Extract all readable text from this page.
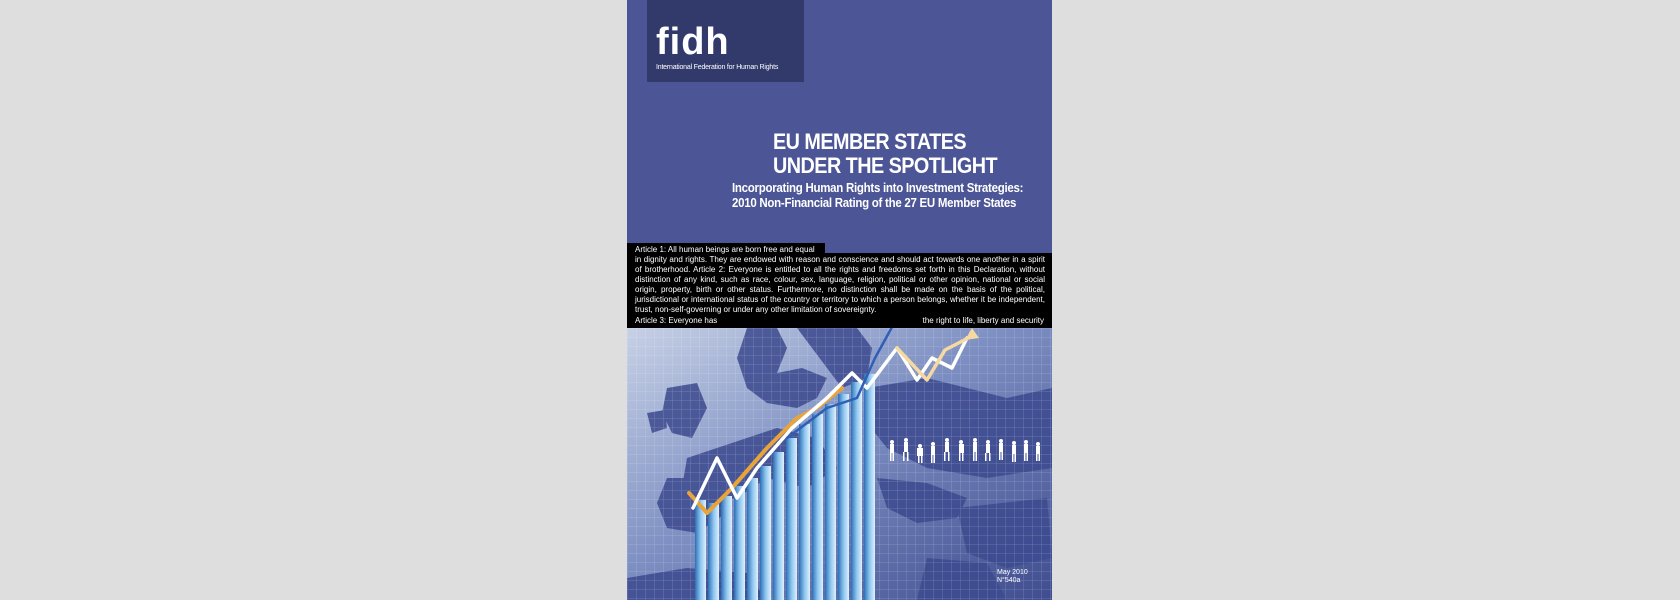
fidh
International Federation for Human Rights
EU MEMBER STATES
UNDER THE SPOTLIGHT
Incorporating Human Rights into Investment Strategies:
2010 Non-Financial Rating of the 27 EU Member States
Article 1: All human beings are born free and equal
in dignity and rights. They are endowed with reason and conscience and should act towards one another in a spirit of brotherhood. Article 2: Everyone is entitled to all the rights and freedoms set forth in this Declaration, without distinction of any kind, such as race, colour, sex, language, religion, political or other opinion, national or social origin, property, birth or other status. Furthermore, no distinction shall be made on the basis of the political, jurisdictional or international status of the country or territory to which a person belongs, whether it be independent, trust, non-self-governing or under any other limitation of sovereignty.
Article 3: Everyone has	the right to life, liberty and security
May 2010
N°540a
